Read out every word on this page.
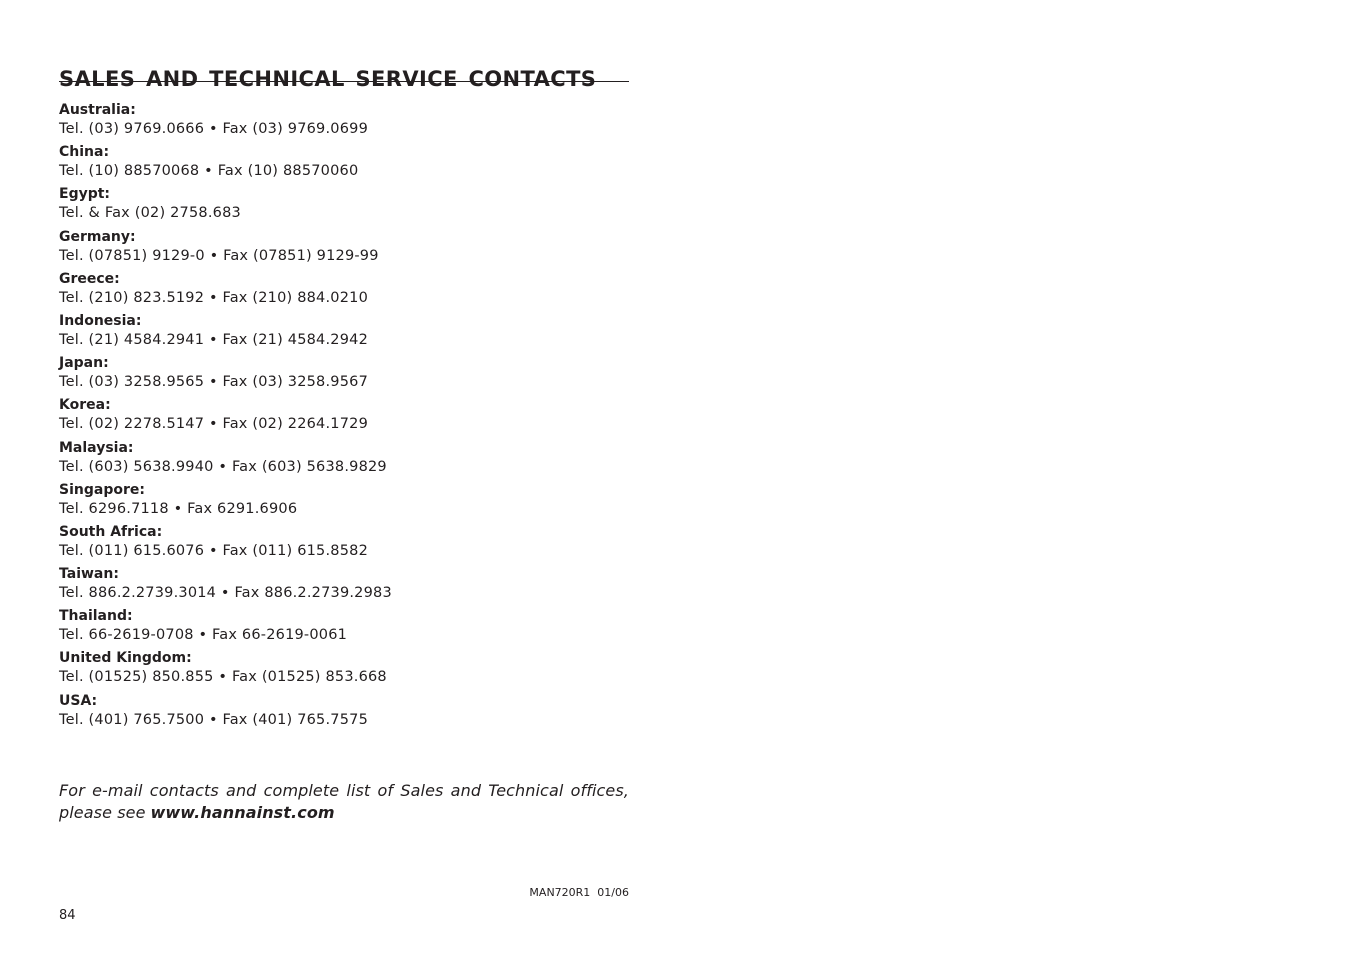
SALES AND TECHNICAL SERVICE CONTACTS
Australia:
Tel. (03) 9769.0666 • Fax (03) 9769.0699
China:
Tel. (10) 88570068 • Fax (10) 88570060
Egypt:
Tel. & Fax (02) 2758.683
Germany:
Tel. (07851) 9129-0 • Fax (07851) 9129-99
Greece:
Tel. (210) 823.5192 • Fax (210) 884.0210
Indonesia:
Tel. (21) 4584.2941 • Fax (21) 4584.2942
Japan:
Tel. (03) 3258.9565 • Fax (03) 3258.9567
Korea:
Tel. (02) 2278.5147 • Fax (02) 2264.1729
Malaysia:
Tel. (603) 5638.9940 • Fax (603) 5638.9829
Singapore:
Tel. 6296.7118 • Fax 6291.6906
South Africa:
Tel. (011) 615.6076 • Fax (011) 615.8582
Taiwan:
Tel. 886.2.2739.3014 • Fax 886.2.2739.2983
Thailand:
Tel. 66-2619-0708 • Fax 66-2619-0061
United Kingdom:
Tel. (01525) 850.855 • Fax (01525) 853.668
USA:
Tel. (401) 765.7500 • Fax (401) 765.7575

For e-mail contacts and complete list of Sales and Technical offices, please see www.hannainst.com

MAN720R1  01/06
84
